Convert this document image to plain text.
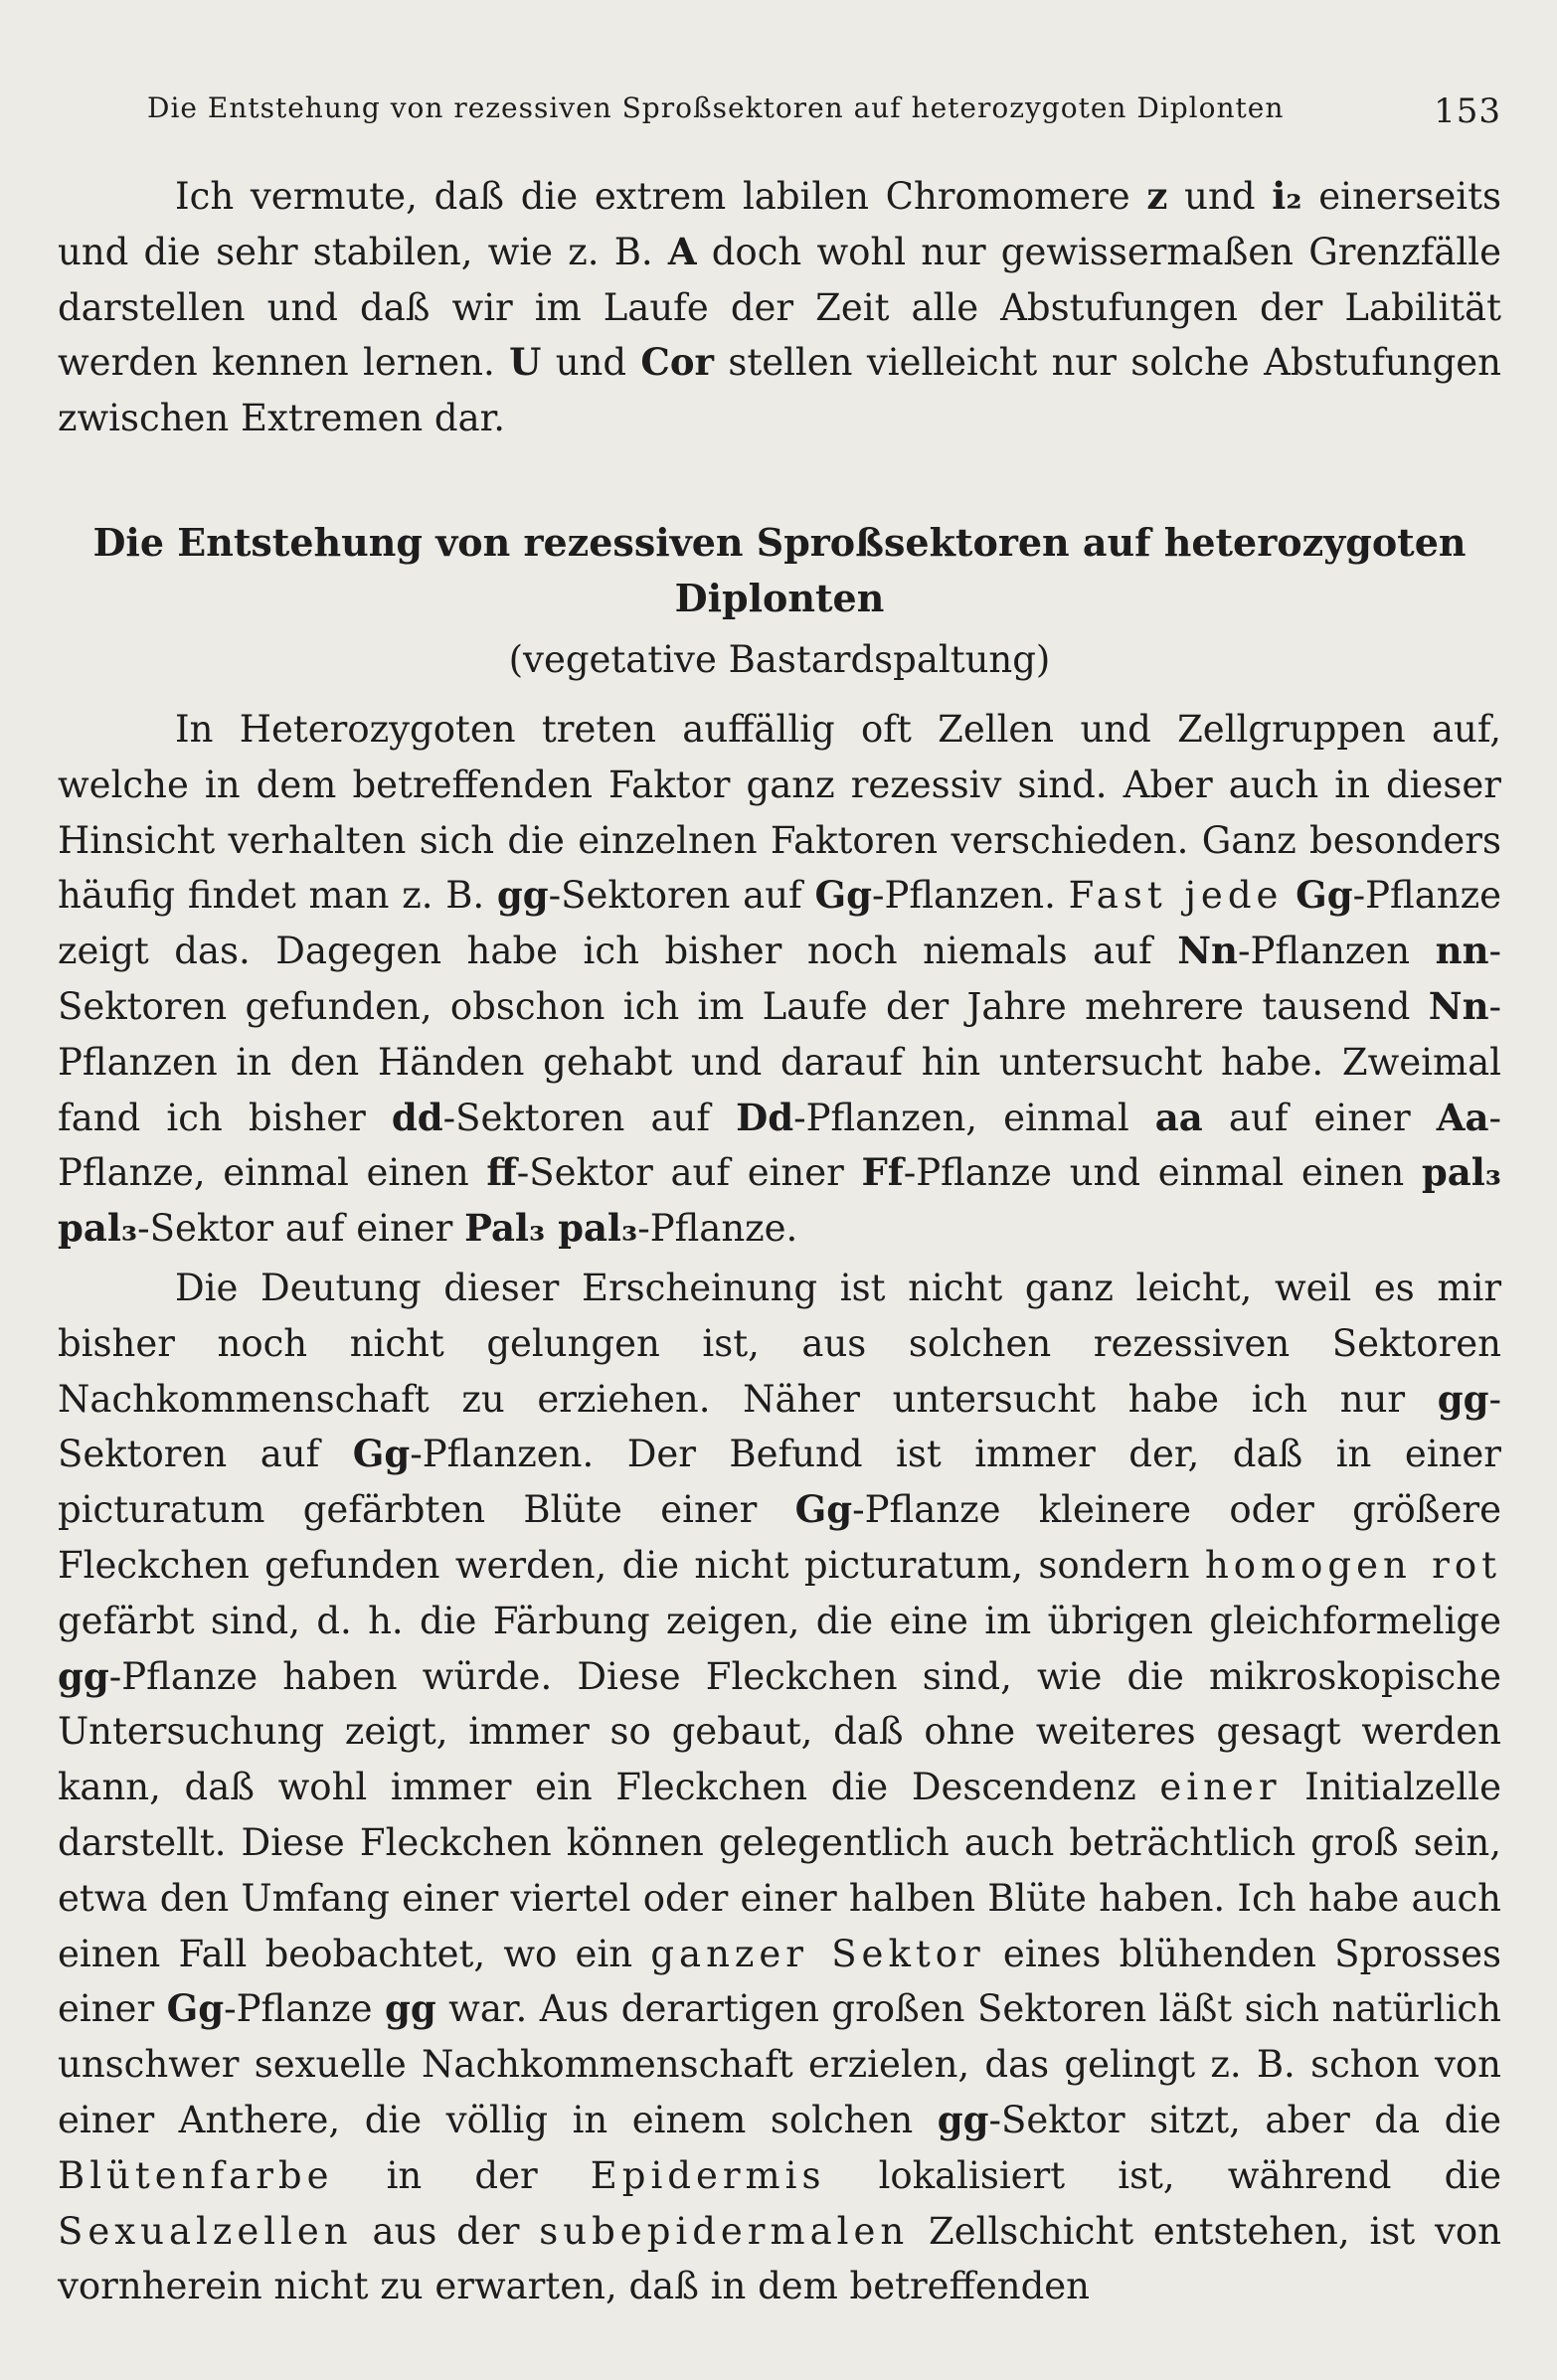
Die Entstehung von rezessiven Sproßsektoren auf heterozygoten Diplonten	153

Ich vermute, daß die extrem labilen Chromomere z und i₂ einerseits und die sehr stabilen, wie z. B. A doch wohl nur gewissermaßen Grenzfälle darstellen und daß wir im Laufe der Zeit alle Abstufungen der Labilität werden kennen lernen. U und Cor stellen vielleicht nur solche Abstufungen zwischen Extremen dar.

Die Entstehung von rezessiven Sproßsektoren auf heterozygoten Diplonten

(vegetative Bastardspaltung)

In Heterozygoten treten auffällig oft Zellen und Zellgruppen auf, welche in dem betreffenden Faktor ganz rezessiv sind. Aber auch in dieser Hinsicht verhalten sich die einzelnen Faktoren verschieden. Ganz besonders häufig findet man z. B. gg-Sektoren auf Gg-Pflanzen. Fast jede Gg-Pflanze zeigt das. Dagegen habe ich bisher noch niemals auf Nn-Pflanzen nn-Sektoren gefunden, obschon ich im Laufe der Jahre mehrere tausend Nn-Pflanzen in den Händen gehabt und darauf hin untersucht habe. Zweimal fand ich bisher dd-Sektoren auf Dd-Pflanzen, einmal aa auf einer Aa-Pflanze, einmal einen ff-Sektor auf einer Ff-Pflanze und einmal einen pal₃ pal₃-Sektor auf einer Pal₃ pal₃-Pflanze.

Die Deutung dieser Erscheinung ist nicht ganz leicht, weil es mir bisher noch nicht gelungen ist, aus solchen rezessiven Sektoren Nachkommenschaft zu erziehen. Näher untersucht habe ich nur gg-Sektoren auf Gg-Pflanzen. Der Befund ist immer der, daß in einer picturatum gefärbten Blüte einer Gg-Pflanze kleinere oder größere Fleckchen gefunden werden, die nicht picturatum, sondern homogen rot gefärbt sind, d. h. die Färbung zeigen, die eine im übrigen gleichformelige gg-Pflanze haben würde. Diese Fleckchen sind, wie die mikroskopische Untersuchung zeigt, immer so gebaut, daß ohne weiteres gesagt werden kann, daß wohl immer ein Fleckchen die Descendenz einer Initialzelle darstellt. Diese Fleckchen können gelegentlich auch beträchtlich groß sein, etwa den Umfang einer viertel oder einer halben Blüte haben. Ich habe auch einen Fall beobachtet, wo ein ganzer Sektor eines blühenden Sprosses einer Gg-Pflanze gg war. Aus derartigen großen Sektoren läßt sich natürlich unschwer sexuelle Nachkommenschaft erzielen, das gelingt z. B. schon von einer Anthere, die völlig in einem solchen gg-Sektor sitzt, aber da die Blütenfarbe in der Epidermis lokalisiert ist, während die Sexualzellen aus der subepidermalen Zellschicht entstehen, ist von vornherein nicht zu erwarten, daß in dem betreffenden
